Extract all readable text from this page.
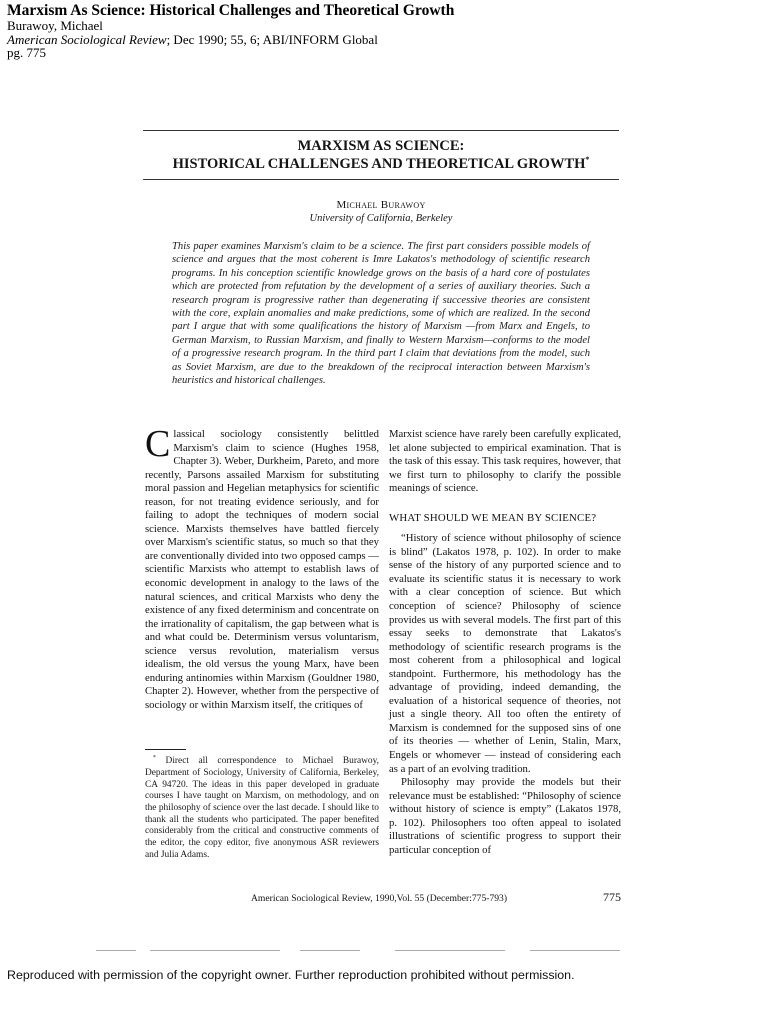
Marxism As Science: Historical Challenges and Theoretical Growth
Burawoy, Michael
American Sociological Review; Dec 1990; 55, 6; ABI/INFORM Global
pg. 775
MARXISM AS SCIENCE:
HISTORICAL CHALLENGES AND THEORETICAL GROWTH*
Michael Burawoy
University of California, Berkeley
This paper examines Marxism's claim to be a science. The first part considers possible models of science and argues that the most coherent is Imre Lakatos's methodology of scientific research programs. In his conception scientific knowledge grows on the basis of a hard core of postulates which are protected from refutation by the development of a series of auxiliary theories. Such a research program is progressive rather than degenerating if successive theories are consistent with the core, explain anomalies and make predictions, some of which are realized. In the second part I argue that with some qualifications the history of Marxism —from Marx and Engels, to German Marxism, to Russian Marxism, and finally to Western Marxism—conforms to the model of a progressive research program. In the third part I claim that deviations from the model, such as Soviet Marxism, are due to the breakdown of the reciprocal interaction between Marxism's heuristics and historical challenges.
C lassical sociology consistently belittled Marxism's claim to science (Hughes 1958, Chapter 3). Weber, Durkheim, Pareto, and more recently, Parsons assailed Marxism for substituting moral passion and Hegelian metaphysics for scientific reason, for not treating evidence seriously, and for failing to adopt the techniques of modern social science. Marxists themselves have battled fiercely over Marxism's scientific status, so much so that they are conventionally divided into two opposed camps — scientific Marxists who attempt to establish laws of economic development in analogy to the laws of the natural sciences, and critical Marxists who deny the existence of any fixed determinism and concentrate on the irrationality of capitalism, the gap between what is and what could be. Determinism versus voluntarism, science versus revolution, materialism versus idealism, the old versus the young Marx, have been enduring antinomies within Marxism (Gouldner 1980, Chapter 2). However, whether from the perspective of sociology or within Marxism itself, the critiques of

Marxist science have rarely been carefully explicated, let alone subjected to empirical examination. That is the task of this essay. This task requires, however, that we first turn to philosophy to clarify the possible meanings of science.

WHAT SHOULD WE MEAN BY SCIENCE?

“History of science without philosophy of science is blind” (Lakatos 1978, p. 102). In order to make sense of the history of any purported science and to evaluate its scientific status it is necessary to work with a clear conception of science. But which conception of science? Philosophy of science provides us with several models. The first part of this essay seeks to demonstrate that Lakatos's methodology of scientific research programs is the most coherent from a philosophical and logical standpoint. Furthermore, his methodology has the advantage of providing, indeed demanding, the evaluation of a historical sequence of theories, not just a single theory. All too often the entirety of Marxism is condemned for the supposed sins of one of its theories — whether of Lenin, Stalin, Marx, Engels or whomever — instead of considering each as a part of an evolving tradition.

Philosophy may provide the models but their relevance must be established: “Philosophy of science without history of science is empty” (Lakatos 1978, p. 102). Philosophers too often appeal to isolated illustrations of scientific progress to support their particular conception of

* Direct all correspondence to Michael Burawoy, Department of Sociology, University of California, Berkeley, CA 94720. The ideas in this paper developed in graduate courses I have taught on Marxism, on methodology, and on the philosophy of science over the last decade. I should like to thank all the students who participated. The paper benefited considerably from the critical and constructive comments of the editor, the copy editor, five anonymous ASR reviewers and Julia Adams.

American Sociological Review, 1990,Vol. 55 (December:775-793)	775
Reproduced with permission of the copyright owner. Further reproduction prohibited without permission.
